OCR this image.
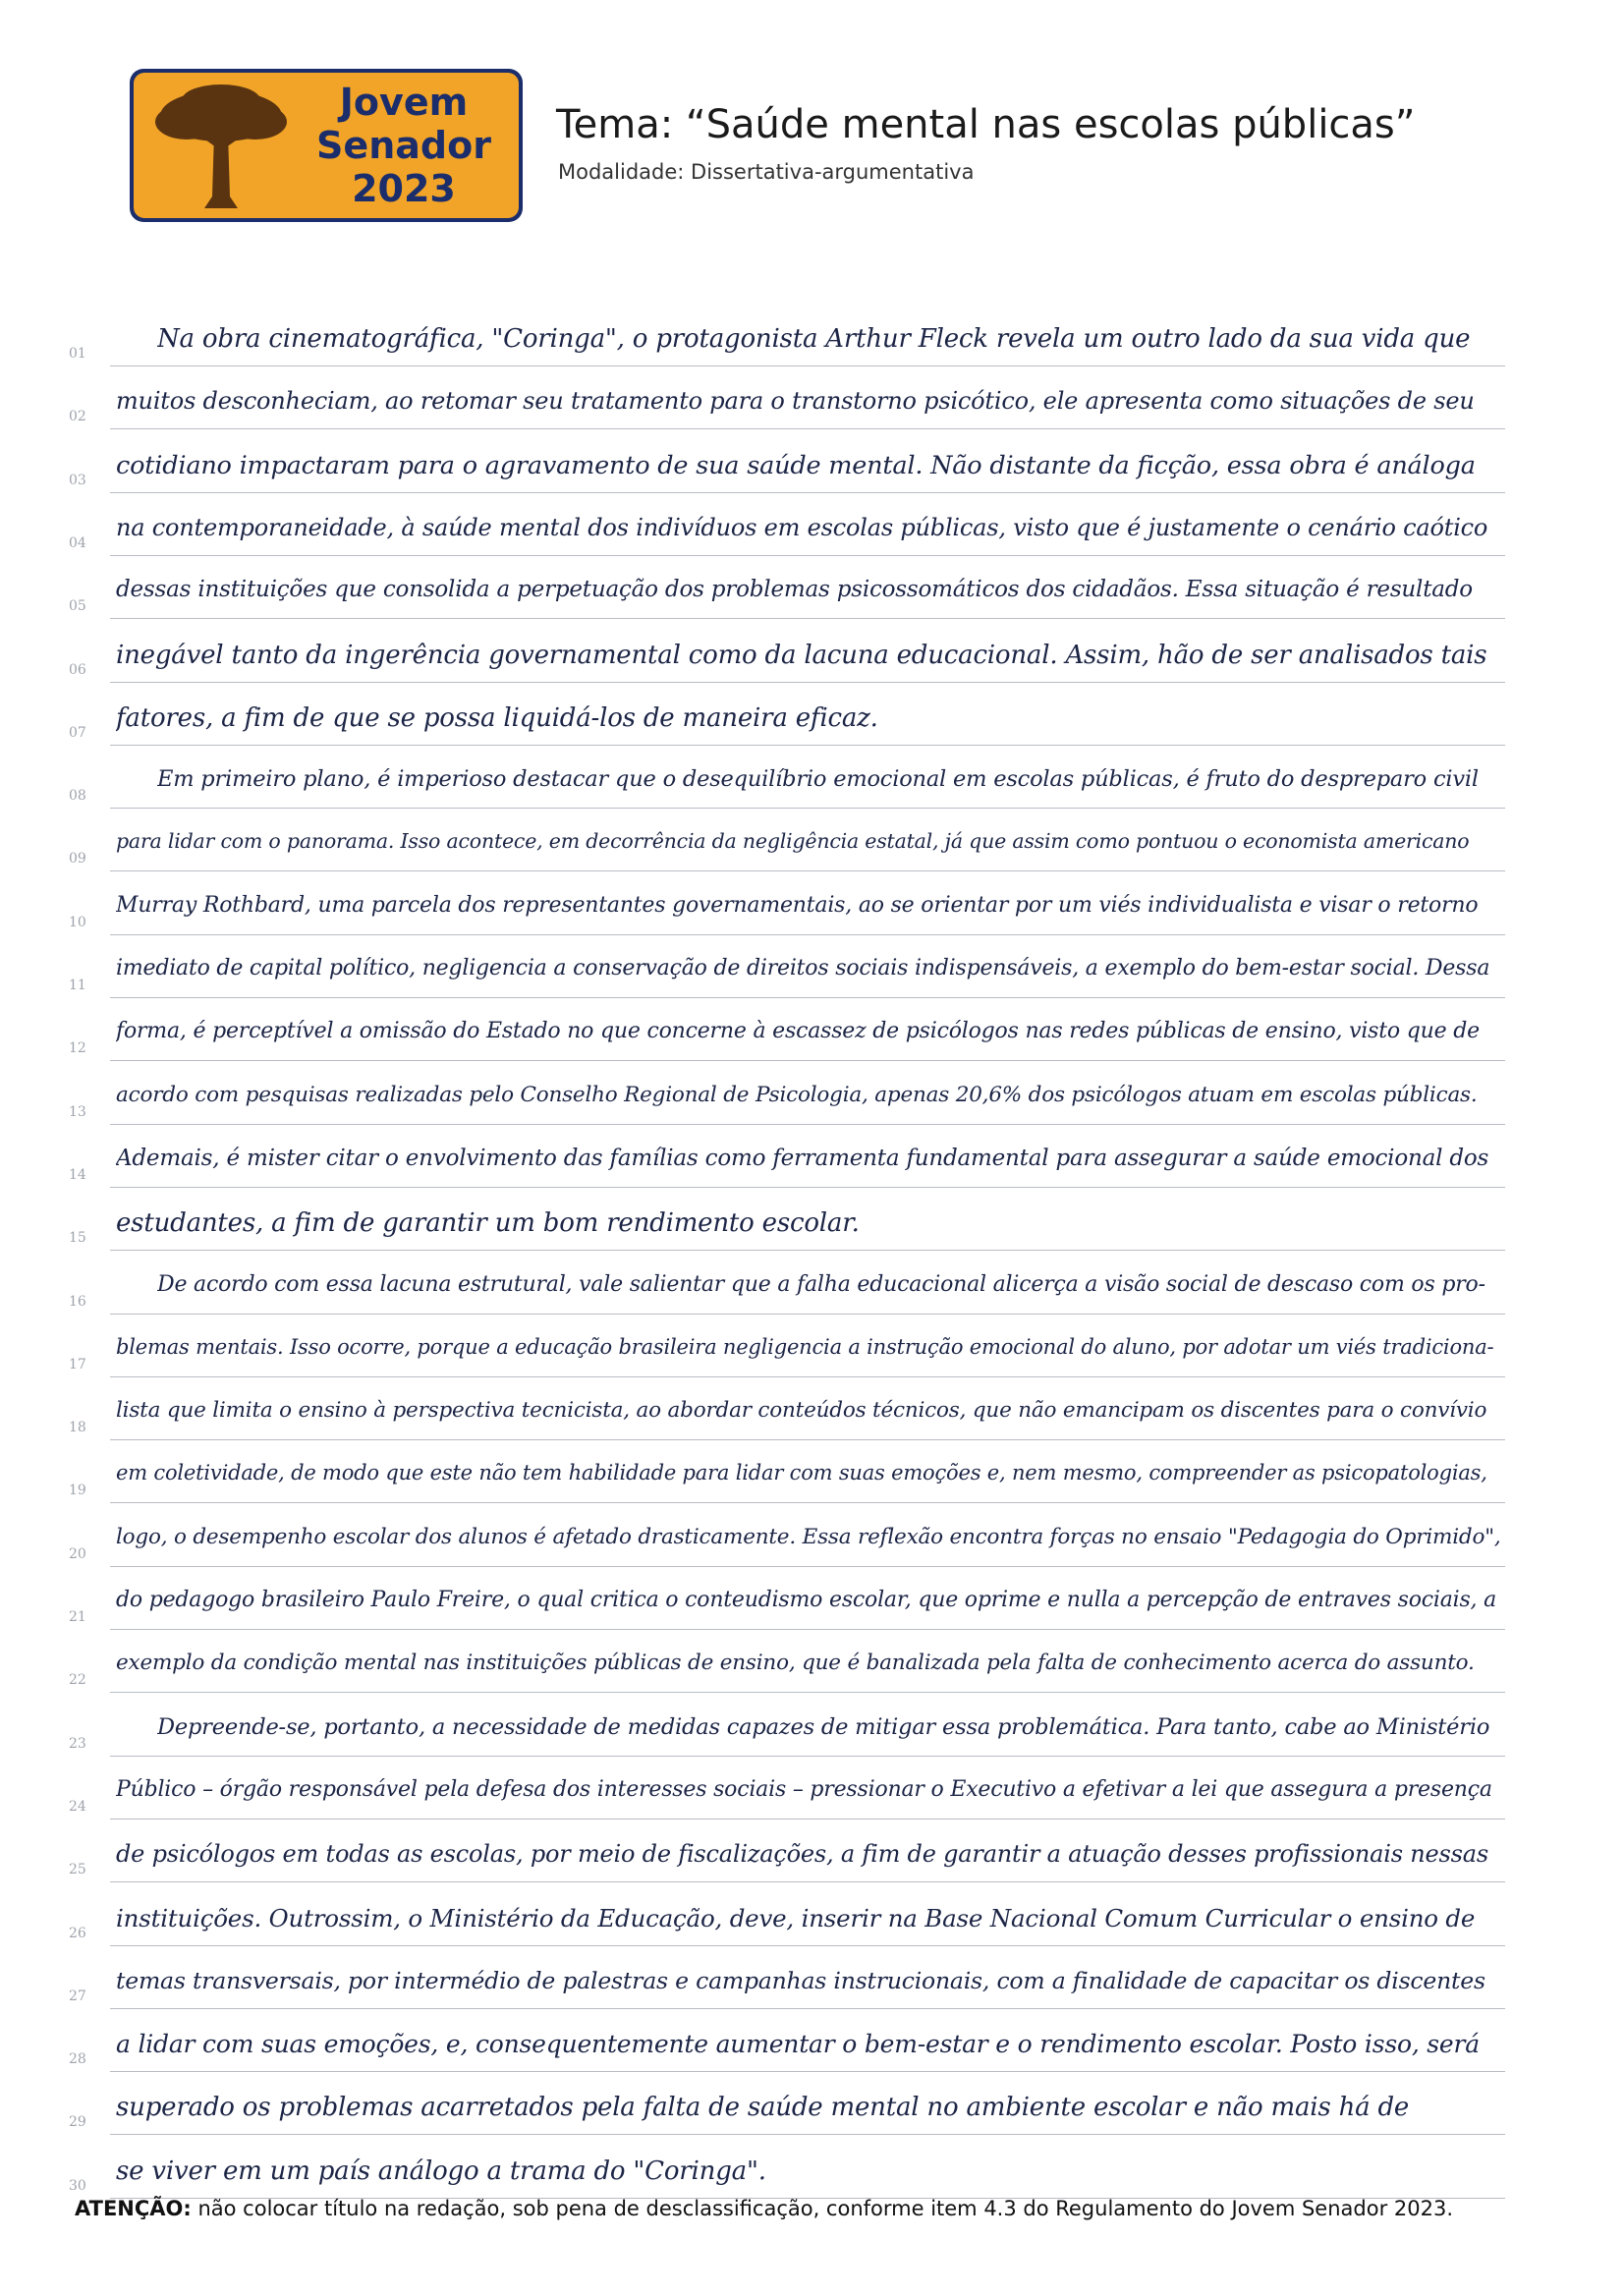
Jovem
Senador
2023
Tema: “Saúde mental nas escolas públicas”
Modalidade: Dissertativa-argumentativa
01	Na obra cinematográfica, "Coringa", o protagonista Arthur Fleck revela um outro lado da sua vida que
02
muitos desconheciam, ao retomar seu tratamento para o transtorno psicótico, ele apresenta como situações de seu
03 cotidiano impactaram para o agravamento de sua saúde mental. Não distante da ficção, essa obra é análoga
04
na contemporaneidade, à saúde mental dos indivíduos em escolas públicas, visto que é justamente o cenário caótico
05
dessas instituições que consolida a perpetuação dos problemas psicossomáticos dos cidadãos. Essa situação é resultado
06 inegável tanto da ingerência governamental como da lacuna educacional. Assim, hão de ser analisados tais
07 fatores, a fim de que se possa liquidá-los de maneira eficaz.
08
Em primeiro plano, é imperioso destacar que o desequilíbrio emocional em escolas públicas, é fruto do despreparo civil
09
para lidar com o panorama. Isso acontece, em decorrência da negligência estatal, já que assim como pontuou o economista americano
10
Murray Rothbard, uma parcela dos representantes governamentais, ao se orientar por um viés individualista e visar o retorno
11
imediato de capital político, negligencia a conservação de direitos sociais indispensáveis, a exemplo do bem-estar social. Dessa
12
forma, é perceptível a omissão do Estado no que concerne à escassez de psicólogos nas redes públicas de ensino, visto que de
13
acordo com pesquisas realizadas pelo Conselho Regional de Psicologia, apenas 20,6% dos psicólogos atuam em escolas públicas.
14
Ademais, é mister citar o envolvimento das famílias como ferramenta fundamental para assegurar a saúde emocional dos
15 estudantes, a fim de garantir um bom rendimento escolar.
16
De acordo com essa lacuna estrutural, vale salientar que a falha educacional alicerça a visão social de descaso com os pro-
17
blemas mentais. Isso ocorre, porque a educação brasileira negligencia a instrução emocional do aluno, por adotar um viés tradiciona-
18
lista que limita o ensino à perspectiva tecnicista, ao abordar conteúdos técnicos, que não emancipam os discentes para o convívio
19
em coletividade, de modo que este não tem habilidade para lidar com suas emoções e, nem mesmo, compreender as psicopatologias,
20
logo, o desempenho escolar dos alunos é afetado drasticamente. Essa reflexão encontra forças no ensaio "Pedagogia do Oprimido",
21
do pedagogo brasileiro Paulo Freire, o qual critica o conteudismo escolar, que oprime e nulla a percepção de entraves sociais, a
22
exemplo da condição mental nas instituições públicas de ensino, que é banalizada pela falta de conhecimento acerca do assunto.
23
Depreende-se, portanto, a necessidade de medidas capazes de mitigar essa problemática. Para tanto, cabe ao Ministério
24
Público – órgão responsável pela defesa dos interesses sociais – pressionar o Executivo a efetivar a lei que assegura a presença
25
de psicólogos em todas as escolas, por meio de fiscalizações, a fim de garantir a atuação desses profissionais nessas
26
instituições. Outrossim, o Ministério da Educação, deve, inserir na Base Nacional Comum Curricular o ensino de
27
temas transversais, por intermédio de palestras e campanhas instrucionais, com a finalidade de capacitar os discentes
28
a lidar com suas emoções, e, consequentemente aumentar o bem-estar e o rendimento escolar. Posto isso, será
29 superado os problemas acarretados pela falta de saúde mental no ambiente escolar e não mais há de
30 se viver em um país análogo a trama do "Coringa".
ATENÇÃO: não colocar título na redação, sob pena de desclassificação, conforme item 4.3 do Regulamento do Jovem Senador 2023.
